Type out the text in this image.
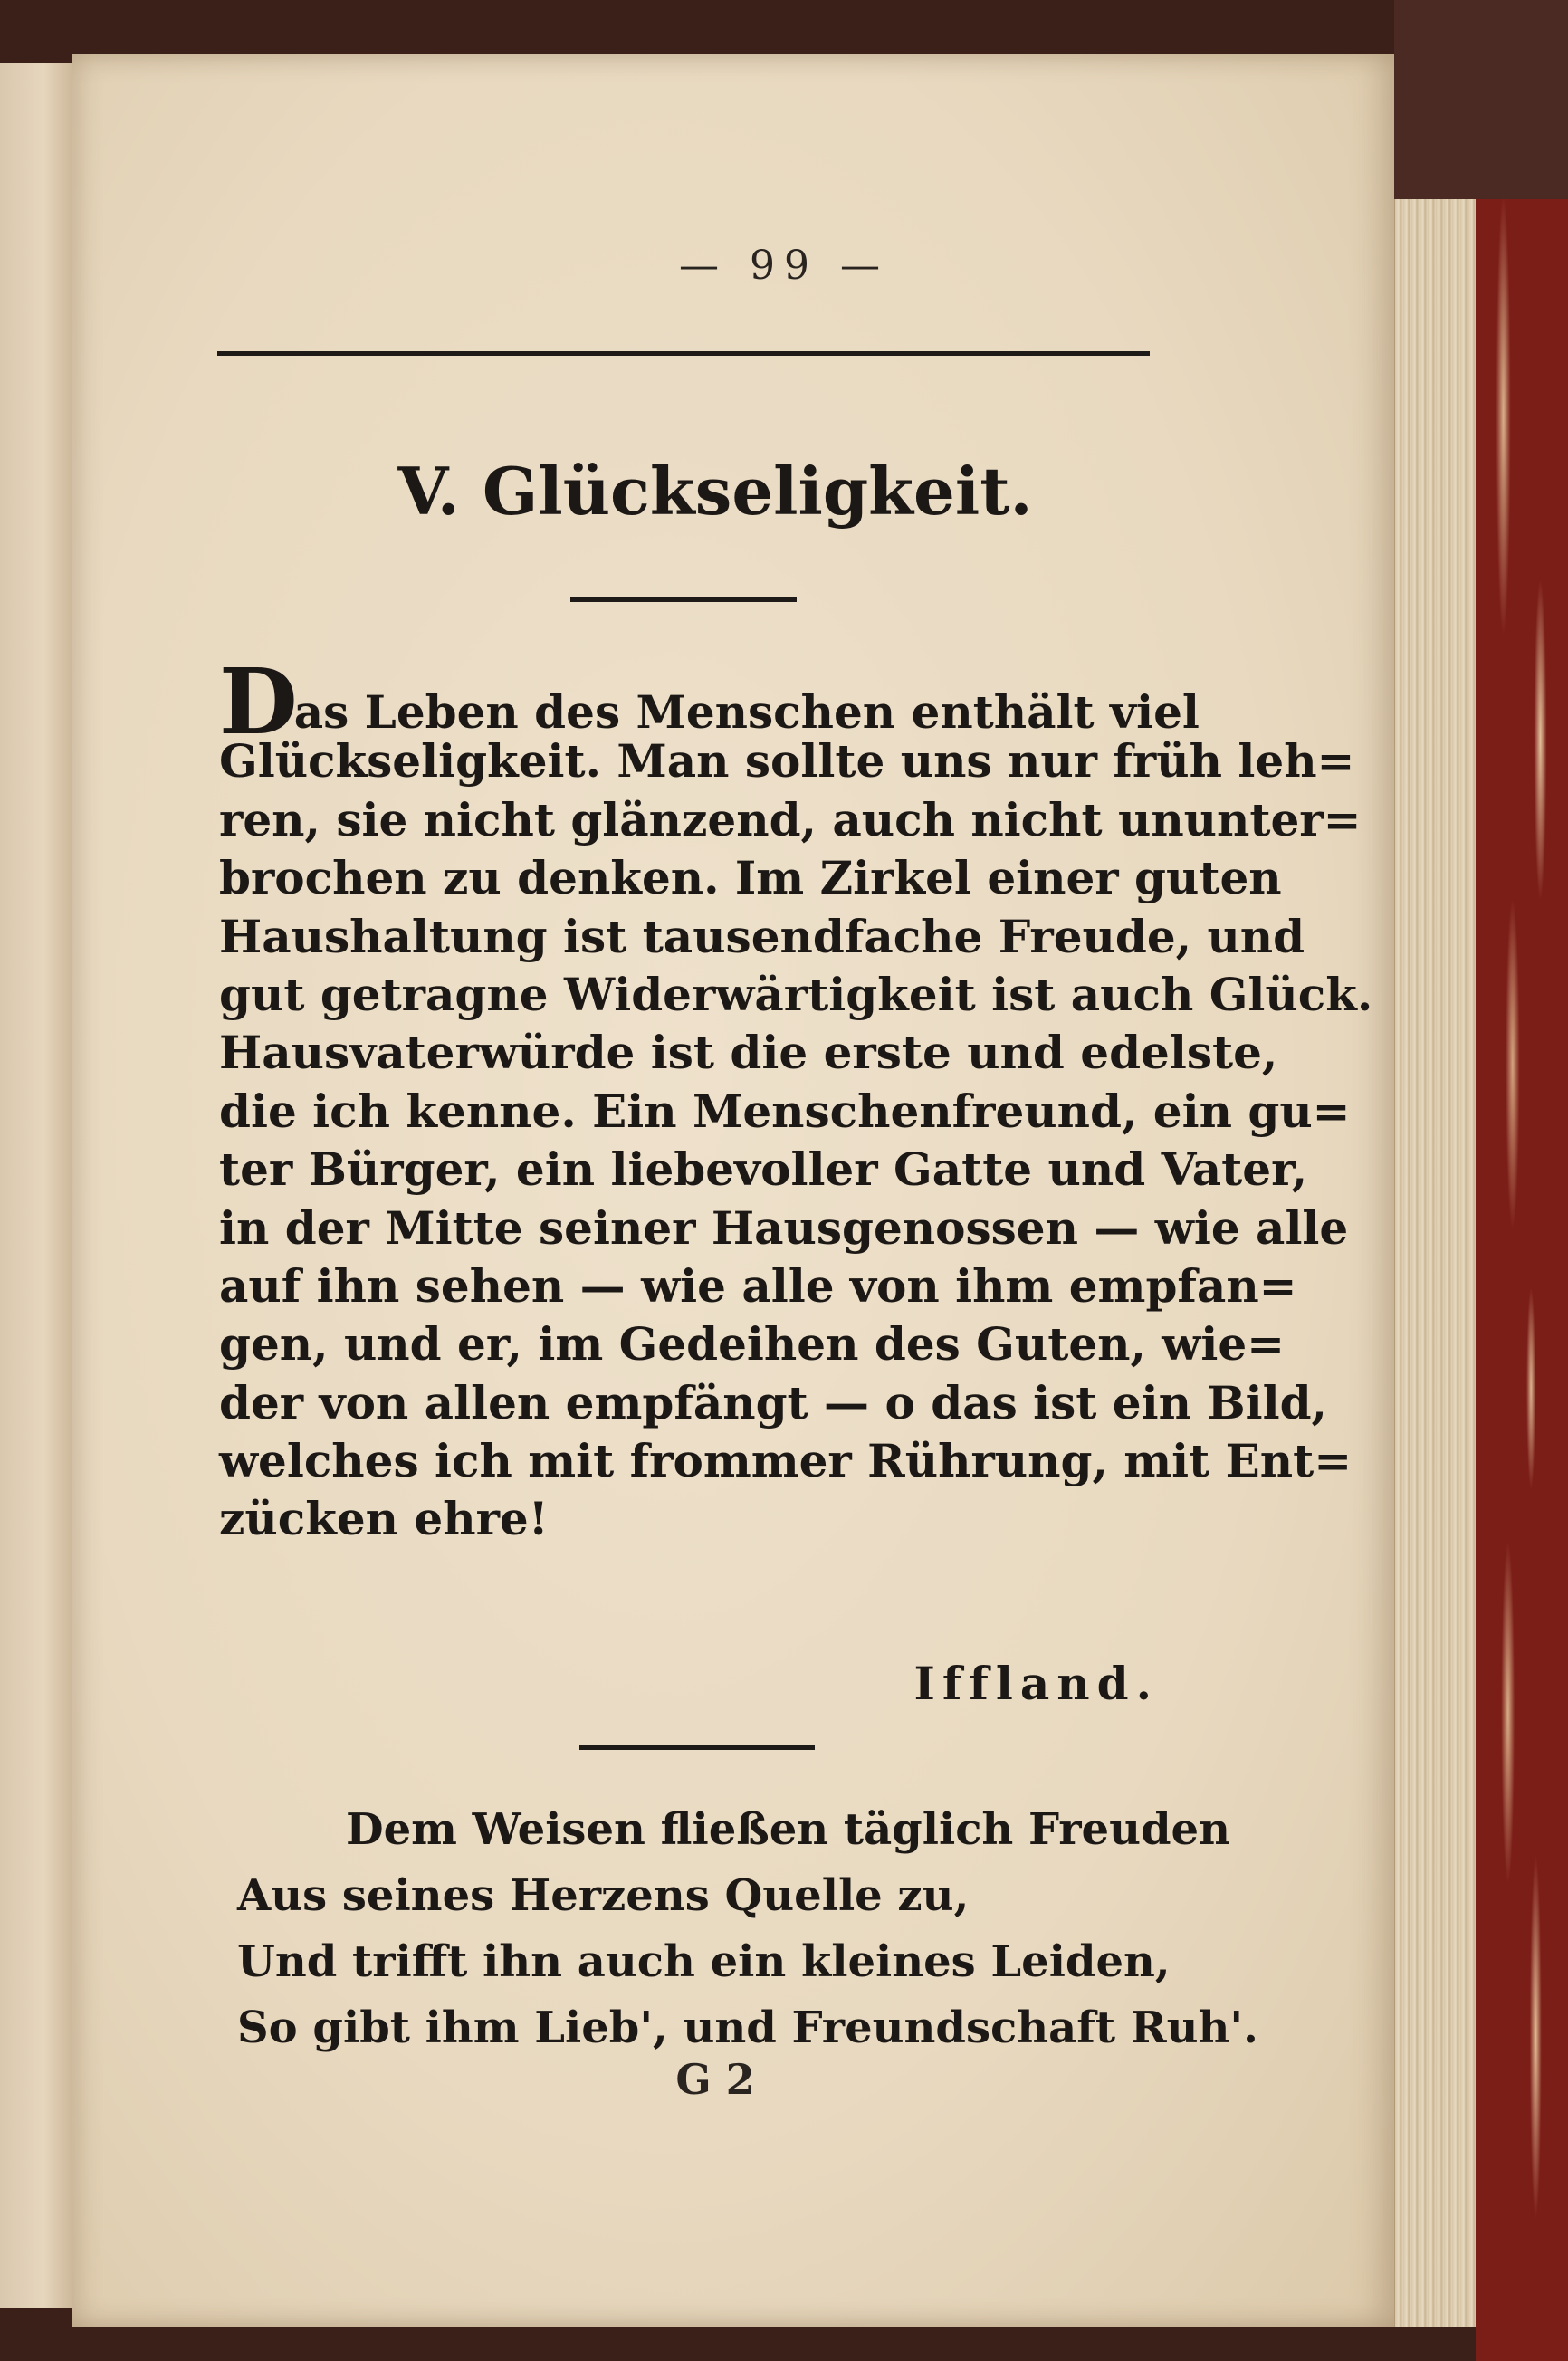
— 99 —
V. Glückseligkeit.
Das Leben des Menschen enthält viel
Glückseligkeit. Man sollte uns nur früh leh=
ren, sie nicht glänzend, auch nicht ununter=
brochen zu denken. Im Zirkel einer guten
Haushaltung ist tausendfache Freude, und
gut getragne Widerwärtigkeit ist auch Glück.
Hausvaterwürde ist die erste und edelste,
die ich kenne. Ein Menschenfreund, ein gu=
ter Bürger, ein liebevoller Gatte und Vater,
in der Mitte seiner Hausgenossen — wie alle
auf ihn sehen — wie alle von ihm empfan=
gen, und er, im Gedeihen des Guten, wie=
der von allen empfängt — o das ist ein Bild,
welches ich mit frommer Rührung, mit Ent=
zücken ehre!
Iffland.
Dem Weisen fließen täglich Freuden
Aus seines Herzens Quelle zu,
Und trifft ihn auch ein kleines Leiden,
So gibt ihm Lieb', und Freundschaft Ruh'.
G 2
